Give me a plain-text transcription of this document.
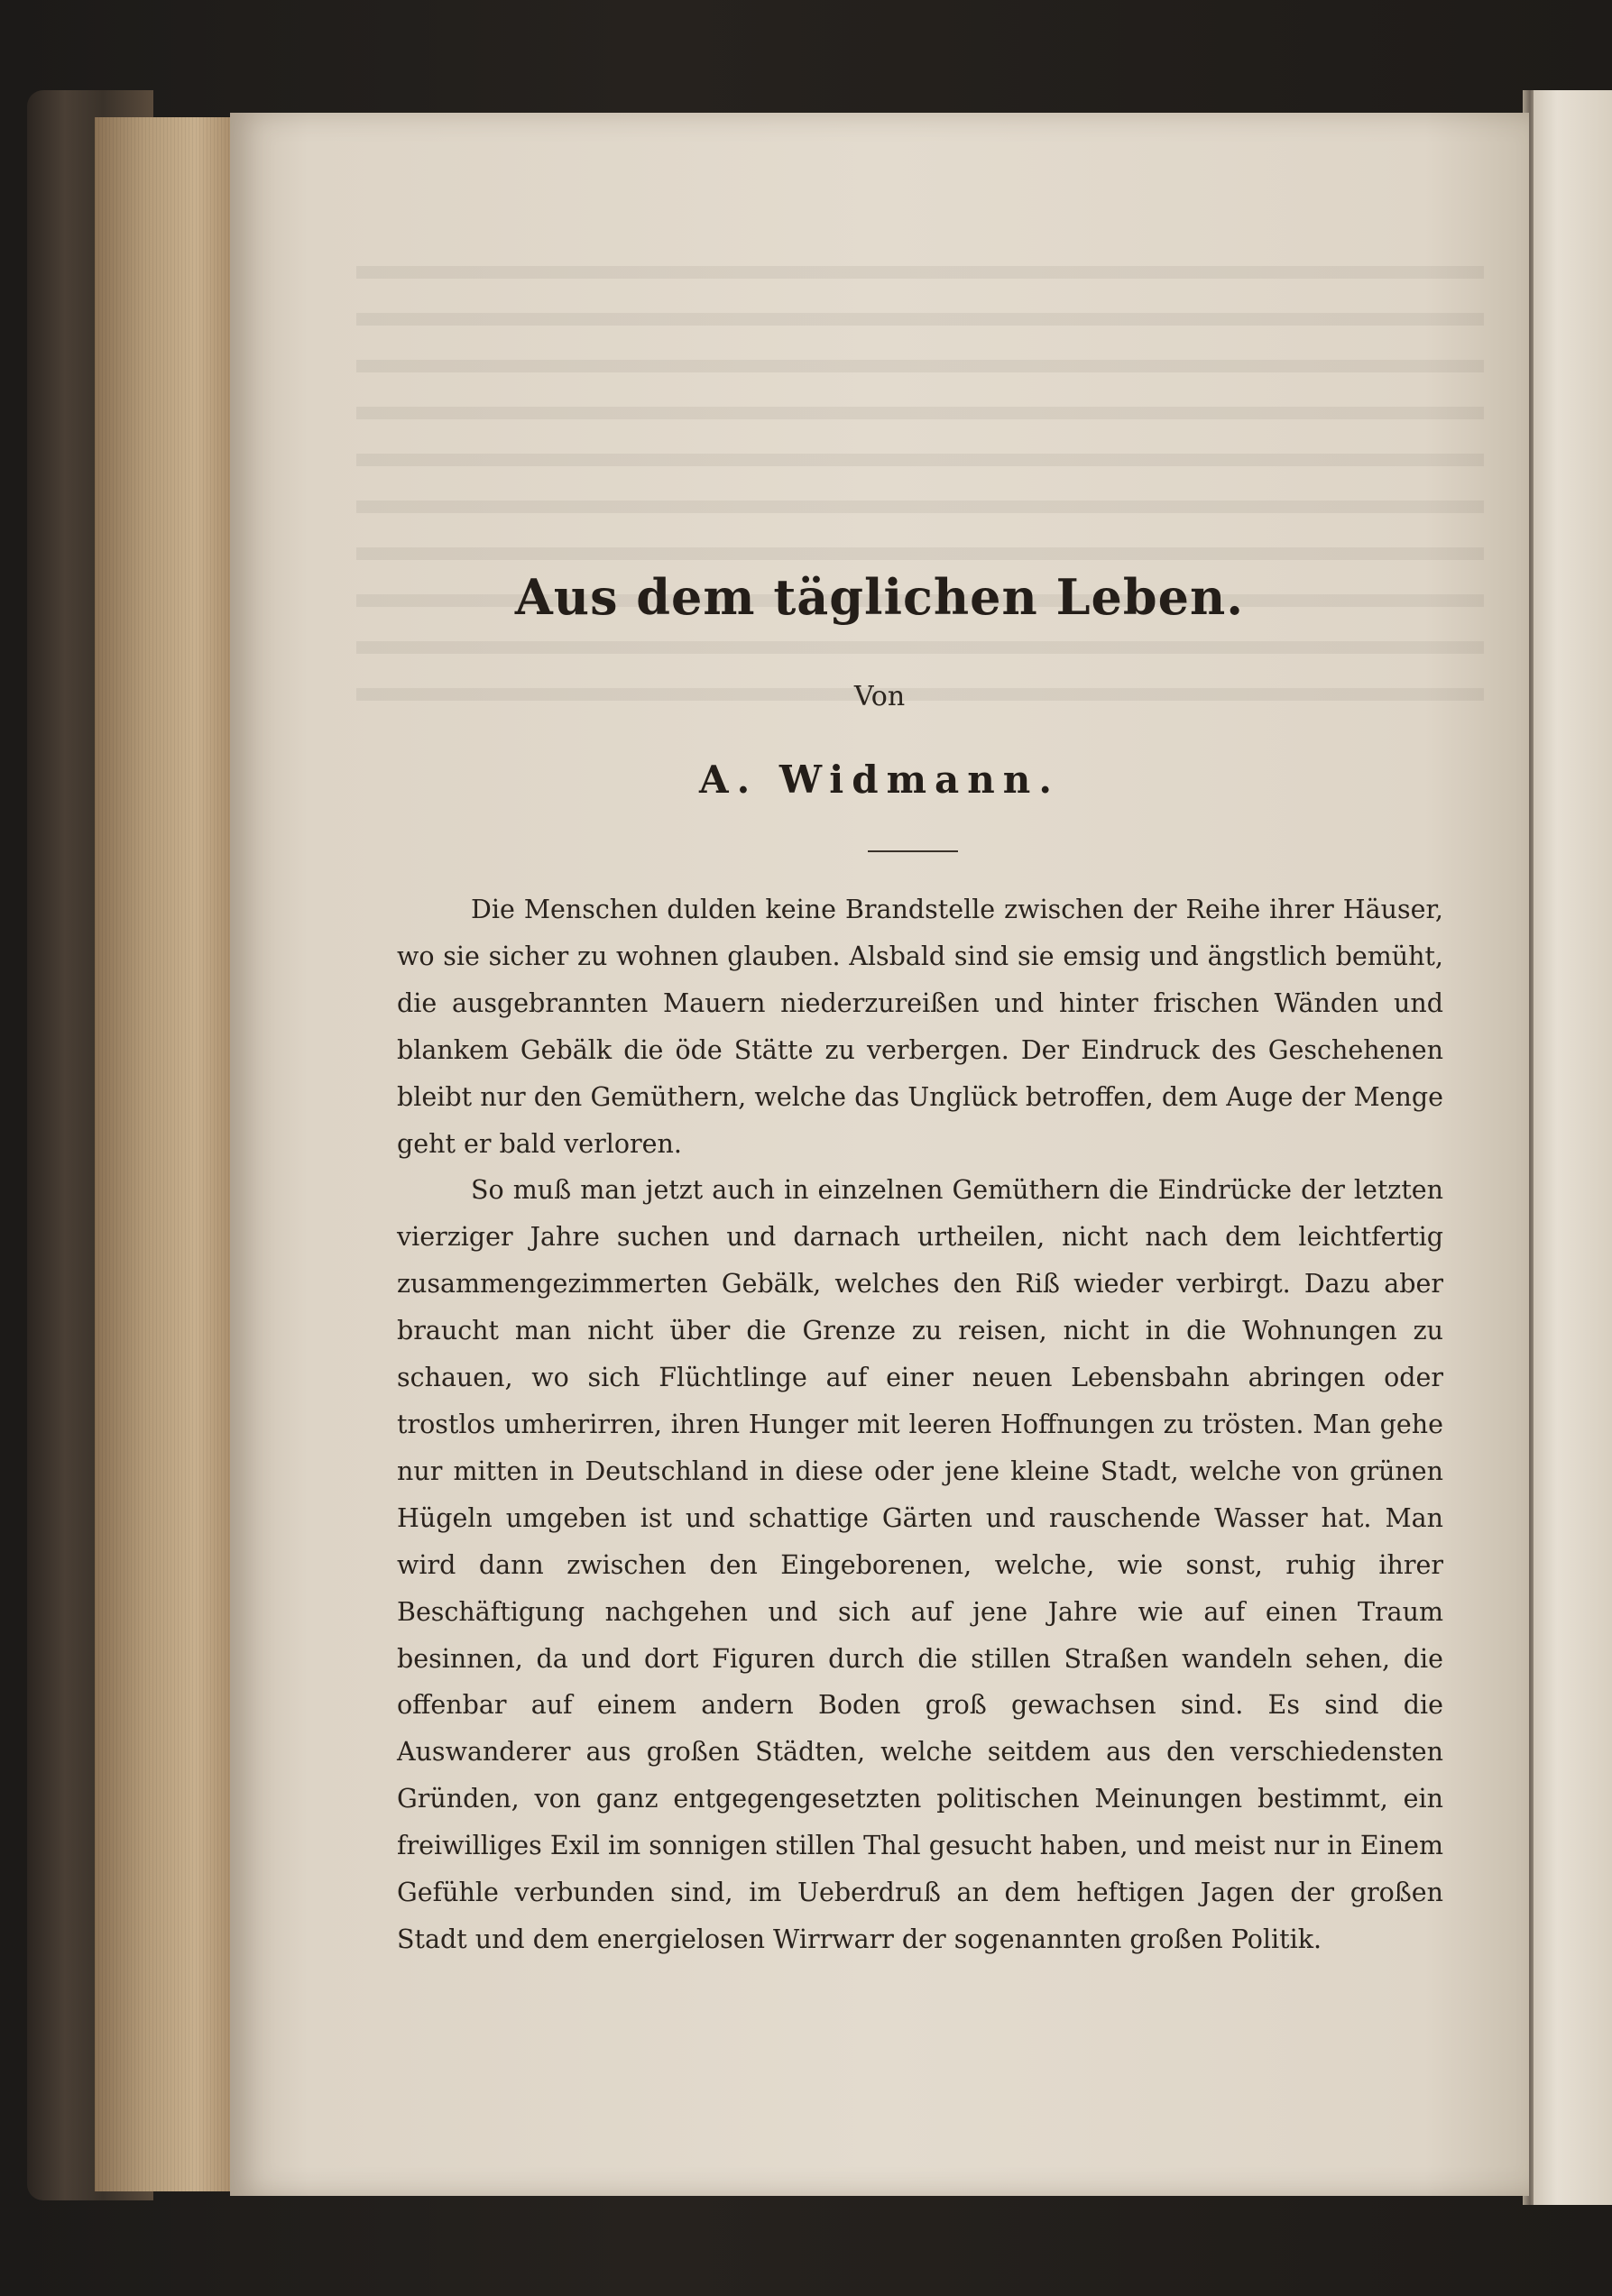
Aus dem täglichen Leben.
Von
A. Widmann.

Die Menschen dulden keine Brandstelle zwischen der Reihe ihrer Häuser, wo sie sicher zu wohnen glauben. Alsbald sind sie emsig und ängstlich bemüht, die ausgebrannten Mauern niederzureißen und hinter frischen Wänden und blankem Gebälk die öde Stätte zu verbergen. Der Eindruck des Geschehenen bleibt nur den Gemüthern, welche das Unglück betroffen, dem Auge der Menge geht er bald verloren.

So muß man jetzt auch in einzelnen Gemüthern die Eindrücke der letzten vierziger Jahre suchen und darnach urtheilen, nicht nach dem leichtfertig zusammengezimmerten Gebälk, welches den Riß wieder verbirgt. Dazu aber braucht man nicht über die Grenze zu reisen, nicht in die Wohnungen zu schauen, wo sich Flüchtlinge auf einer neuen Lebensbahn abringen oder trostlos umherirren, ihren Hunger mit leeren Hoffnungen zu trösten. Man gehe nur mitten in Deutschland in diese oder jene kleine Stadt, welche von grünen Hügeln umgeben ist und schattige Gärten und rauschende Wasser hat. Man wird dann zwischen den Eingeborenen, welche, wie sonst, ruhig ihrer Beschäftigung nachgehen und sich auf jene Jahre wie auf einen Traum besinnen, da und dort Figuren durch die stillen Straßen wandeln sehen, die offenbar auf einem andern Boden groß gewachsen sind. Es sind die Auswanderer aus großen Städten, welche seitdem aus den verschiedensten Gründen, von ganz entgegengesetzten politischen Meinungen bestimmt, ein freiwilliges Exil im sonnigen stillen Thal gesucht haben, und meist nur in Einem Gefühle verbunden sind, im Ueberdruß an dem heftigen Jagen der großen Stadt und dem energielosen Wirrwarr der sogenannten großen Politik.
